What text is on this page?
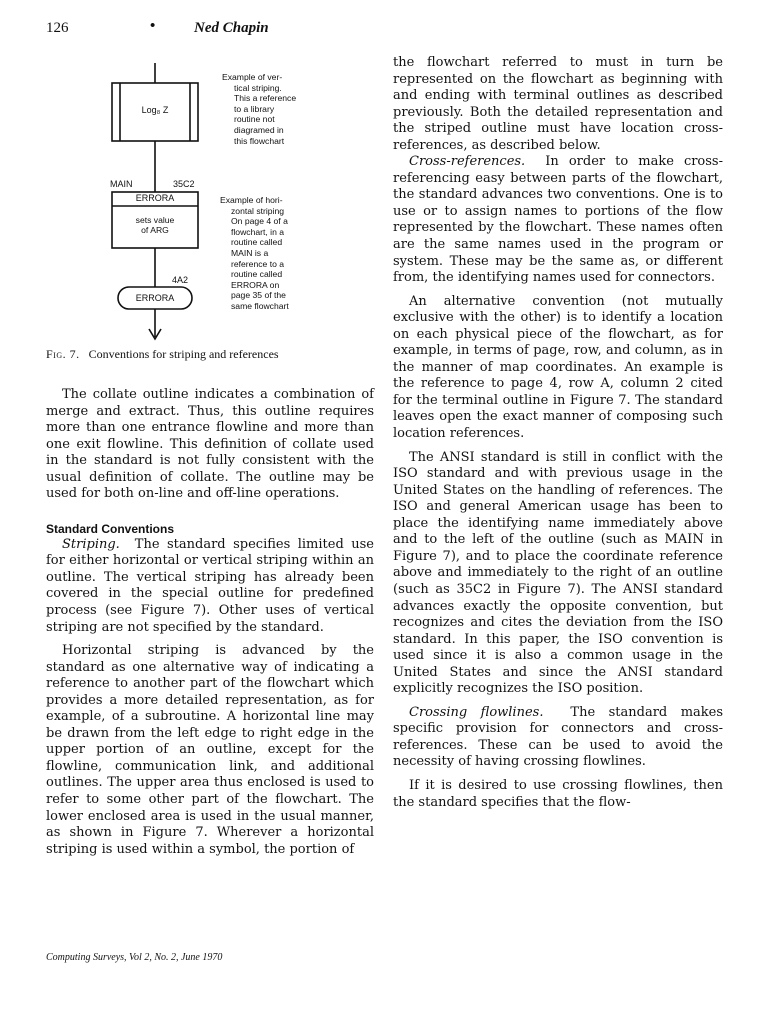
126	•	Ned Chapin
Log₈ Z
Example of ver-
tical striping.
This a reference
to a library
routine not
diagramed in
this flowchart
MAIN	35C2
ERRORA
sets value
of ARG
Example of hori-
zontal striping
On page 4 of a
flowchart, in a
routine called
MAIN is a
reference to a
routine called
ERRORA on
page 35 of the
same flowchart
4A2
ERRORA
Fig. 7. Conventions for striping and references

The collate outline indicates a combination of merge and extract. Thus, this outline requires more than one entrance flowline and more than one exit flowline. This definition of collate used in the standard is not fully consistent with the usual definition of collate. The outline may be used for both on-line and off-line operations.

Standard Conventions

Striping. The standard specifies limited use for either horizontal or vertical striping within an outline. The vertical striping has already been covered in the special outline for predefined process (see Figure 7). Other uses of vertical striping are not specified by the standard.

Horizontal striping is advanced by the standard as one alternative way of indicating a reference to another part of the flowchart which provides a more detailed representation, as for example, of a subroutine. A horizontal line may be drawn from the left edge to right edge in the upper portion of an outline, except for the flowline, communication link, and additional outlines. The upper area thus enclosed is used to refer to some other part of the flowchart. The lower enclosed area is used in the usual manner, as shown in Figure 7. Wherever a horizontal striping is used within a symbol, the portion of

the flowchart referred to must in turn be represented on the flowchart as beginning with and ending with terminal outlines as described previously. Both the detailed representation and the striped outline must have location cross-references, as described below.

Cross-references. In order to make cross-referencing easy between parts of the flowchart, the standard advances two conventions. One is to use or to assign names to portions of the flow represented by the flowchart. These names often are the same names used in the program or system. These may be the same as, or different from, the identifying names used for connectors.

An alternative convention (not mutually exclusive with the other) is to identify a location on each physical piece of the flowchart, as for example, in terms of page, row, and column, as in the manner of map coordinates. An example is the reference to page 4, row A, column 2 cited for the terminal outline in Figure 7. The standard leaves open the exact manner of composing such location references.

The ANSI standard is still in conflict with the ISO standard and with previous usage in the United States on the handling of references. The ISO and general American usage has been to place the identifying name immediately above and to the left of the outline (such as MAIN in Figure 7), and to place the coordinate reference above and immediately to the right of an outline (such as 35C2 in Figure 7). The ANSI standard advances exactly the opposite convention, but recognizes and cites the deviation from the ISO standard. In this paper, the ISO convention is used since it is also a common usage in the United States and since the ANSI standard explicitly recognizes the ISO position.

Crossing flowlines. The standard makes specific provision for connectors and cross-references. These can be used to avoid the necessity of having crossing flowlines.

If it is desired to use crossing flowlines, then the standard specifies that the flow-

Computing Surveys, Vol 2, No. 2, June 1970
